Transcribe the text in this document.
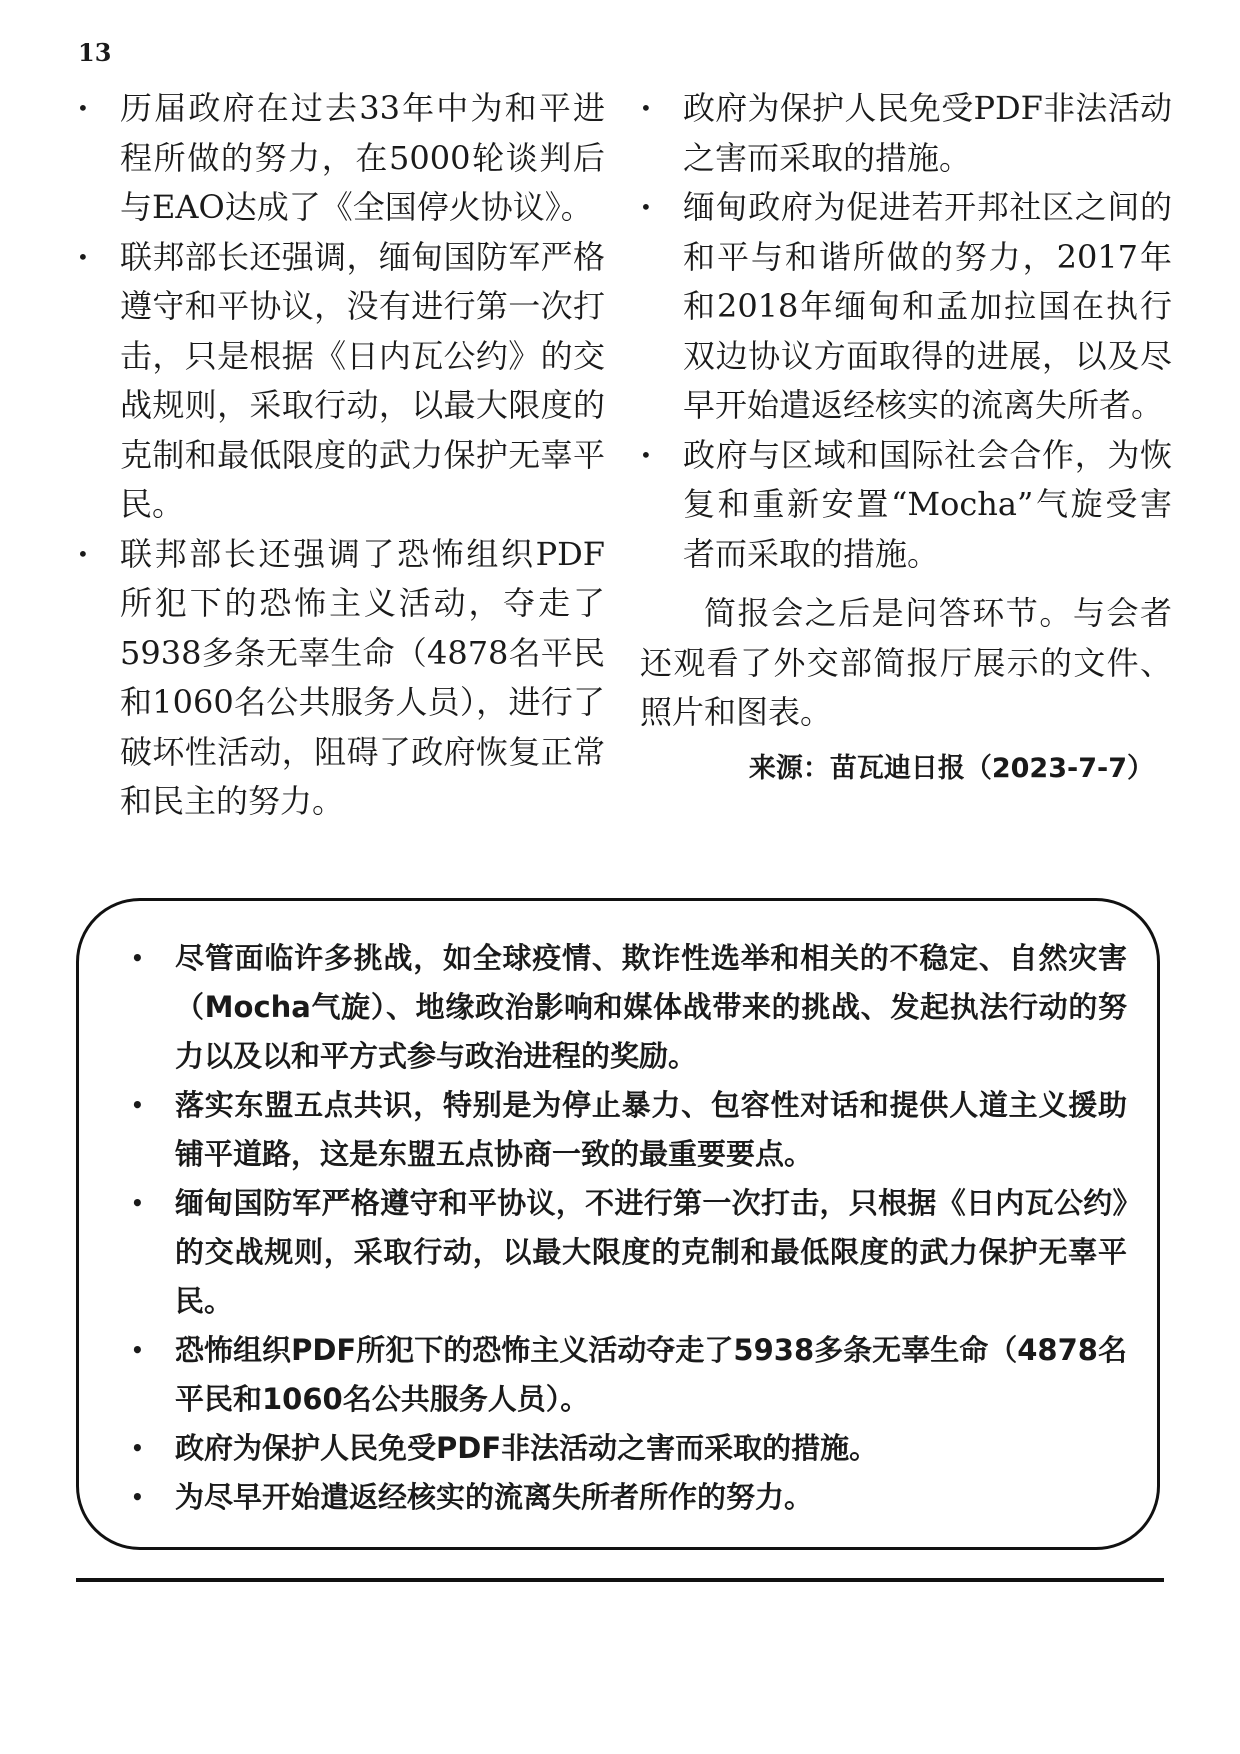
13
• 历届政府在过去33年中为和平进程所做的努力，在5000轮谈判后与EAO达成了《全国停火协议》。
• 联邦部长还强调，缅甸国防军严格遵守和平协议，没有进行第一次打击，只是根据《日内瓦公约》的交战规则，采取行动，以最大限度的克制和最低限度的武力保护无辜平民。
• 联邦部长还强调了恐怖组织PDF所犯下的恐怖主义活动，夺走了5938多条无辜生命（4878名平民和1060名公共服务人员），进行了破坏性活动，阻碍了政府恢复正常和民主的努力。
• 政府为保护人民免受PDF非法活动之害而采取的措施。
• 缅甸政府为促进若开邦社区之间的和平与和谐所做的努力，2017年和2018年缅甸和孟加拉国在执行双边协议方面取得的进展，以及尽早开始遣返经核实的流离失所者。
• 政府与区域和国际社会合作，为恢复和重新安置“Mocha”气旋受害者而采取的措施。

简报会之后是问答环节。与会者还观看了外交部简报厅展示的文件、照片和图表。

来源：苗瓦迪日报（2023-7-7）
• 尽管面临许多挑战，如全球疫情、欺诈性选举和相关的不稳定、自然灾害（Mocha气旋）、地缘政治影响和媒体战带来的挑战、发起执法行动的努力以及以和平方式参与政治进程的奖励。
• 落实东盟五点共识，特别是为停止暴力、包容性对话和提供人道主义援助铺平道路，这是东盟五点协商一致的最重要要点。
• 缅甸国防军严格遵守和平协议，不进行第一次打击，只根据《日内瓦公约》的交战规则，采取行动，以最大限度的克制和最低限度的武力保护无辜平民。
• 恐怖组织PDF所犯下的恐怖主义活动夺走了5938多条无辜生命（4878名平民和1060名公共服务人员）。
• 政府为保护人民免受PDF非法活动之害而采取的措施。
• 为尽早开始遣返经核实的流离失所者所作的努力。
